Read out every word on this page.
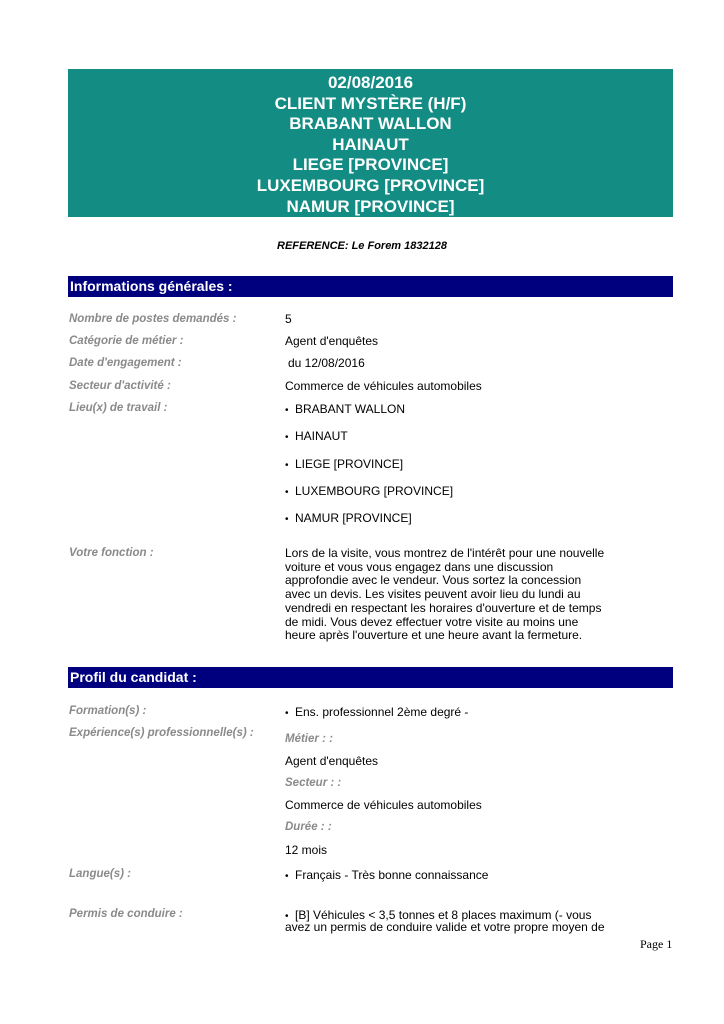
02/08/2016
CLIENT MYSTÈRE (H/F)
BRABANT WALLON
HAINAUT
LIEGE [PROVINCE]
LUXEMBOURG [PROVINCE]
NAMUR [PROVINCE]
REFERENCE: Le Forem 1832128
Informations générales :
Nombre de postes demandés :	5
Catégorie de métier :	Agent d'enquêtes
Date d'engagement :	du 12/08/2016
Secteur d'activité :	Commerce de véhicules automobiles
Lieu(x) de travail :	• BRABANT WALLON
• HAINAUT
• LIEGE [PROVINCE]
• LUXEMBOURG [PROVINCE]
• NAMUR [PROVINCE]
Votre fonction :	Lors de la visite, vous montrez de l'intérêt pour une nouvelle
voiture et vous vous engagez dans une discussion
approfondie avec le vendeur. Vous sortez la concession
avec un devis. Les visites peuvent avoir lieu du lundi au
vendredi en respectant les horaires d'ouverture et de temps
de midi. Vous devez effectuer votre visite au moins une
heure après l'ouverture et une heure avant la fermeture.
Profil du candidat :
Formation(s) :	• Ens. professionnel 2ème degré -
Expérience(s) professionnelle(s) :	Métier : :
Agent d'enquêtes
Secteur : :
Commerce de véhicules automobiles
Durée : :
12 mois
Langue(s) :	• Français - Très bonne connaissance
Permis de conduire :	• [B] Véhicules < 3,5 tonnes et 8 places maximum (- vous
avez un permis de conduire valide et votre propre moyen de
Page 1
